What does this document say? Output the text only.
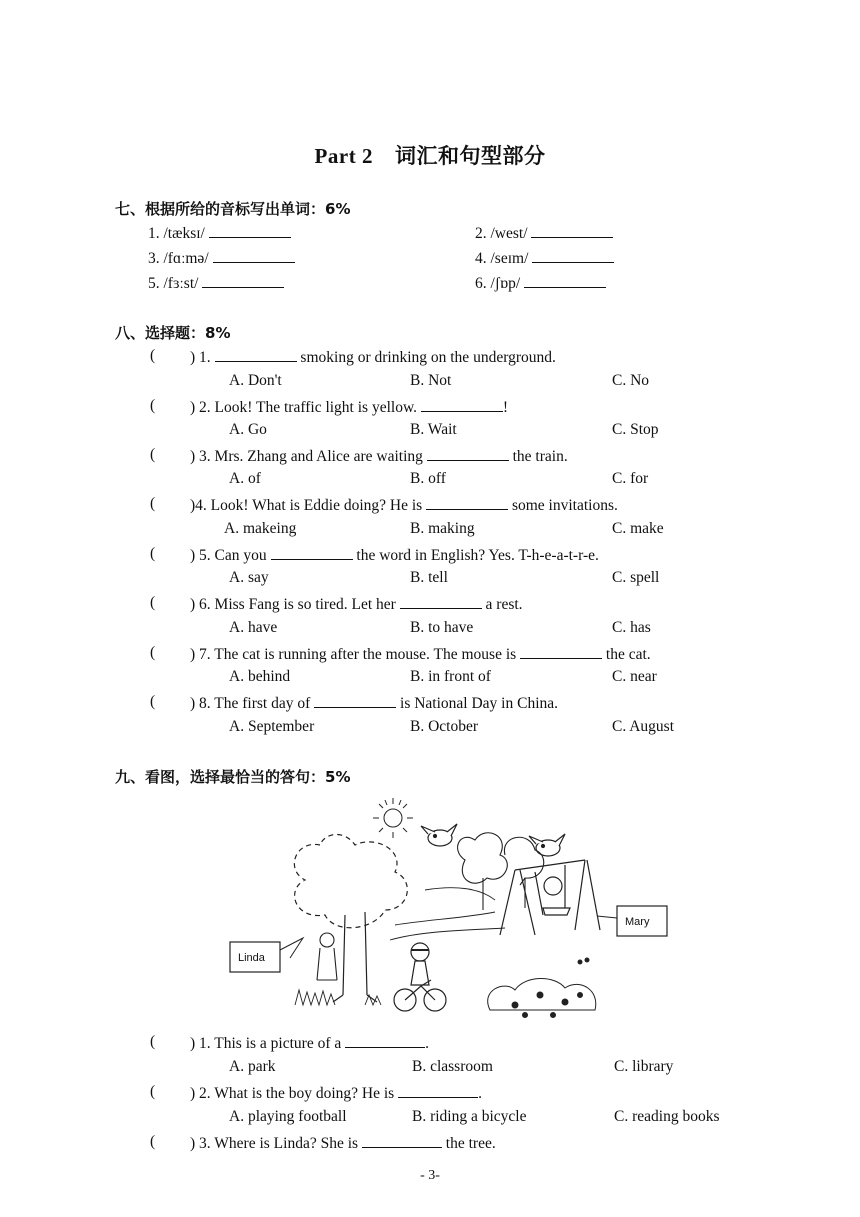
Part 2 词汇和句型部分
七、根据所给的音标写出单词：6%
1. /tæksɪ/	2. /west/
3. /fɑːmə/	4. /seɪm/
5. /fɜːst/	6. /ʃɒp/
八、选择题：8%
( ) 1.	smoking or drinking on the underground.
A. Don't	B. Not	C. No
( ) 2. Look! The traffic light is yellow.	!
A. Go	B. Wait	C. Stop
( ) 3. Mrs. Zhang and Alice are waiting	the train.
A. of	B. off	C. for
( )4. Look! What is Eddie doing? He is	some invitations.
A. makeing	B. making	C. make
( ) 5. Can you	the word in English? Yes. T-h-e-a-t-r-e.
A. say	B. tell	C. spell
( ) 6. Miss Fang is so tired. Let her	a rest.
A. have	B. to have	C. has
( ) 7. The cat is running after the mouse. The mouse is	the cat.
A. behind	B. in front of	C. near
( ) 8. The first day of	is National Day in China.
A. September	B. October	C. August
九、看图，选择最恰当的答句：5%
Linda
Mary
( ) 1. This is a picture of a	.
A. park	B. classroom	C. library
( ) 2. What is the boy doing? He is	.
A. playing football	B. riding a bicycle	C. reading books
( ) 3. Where is Linda? She is	the tree.
- 3-
